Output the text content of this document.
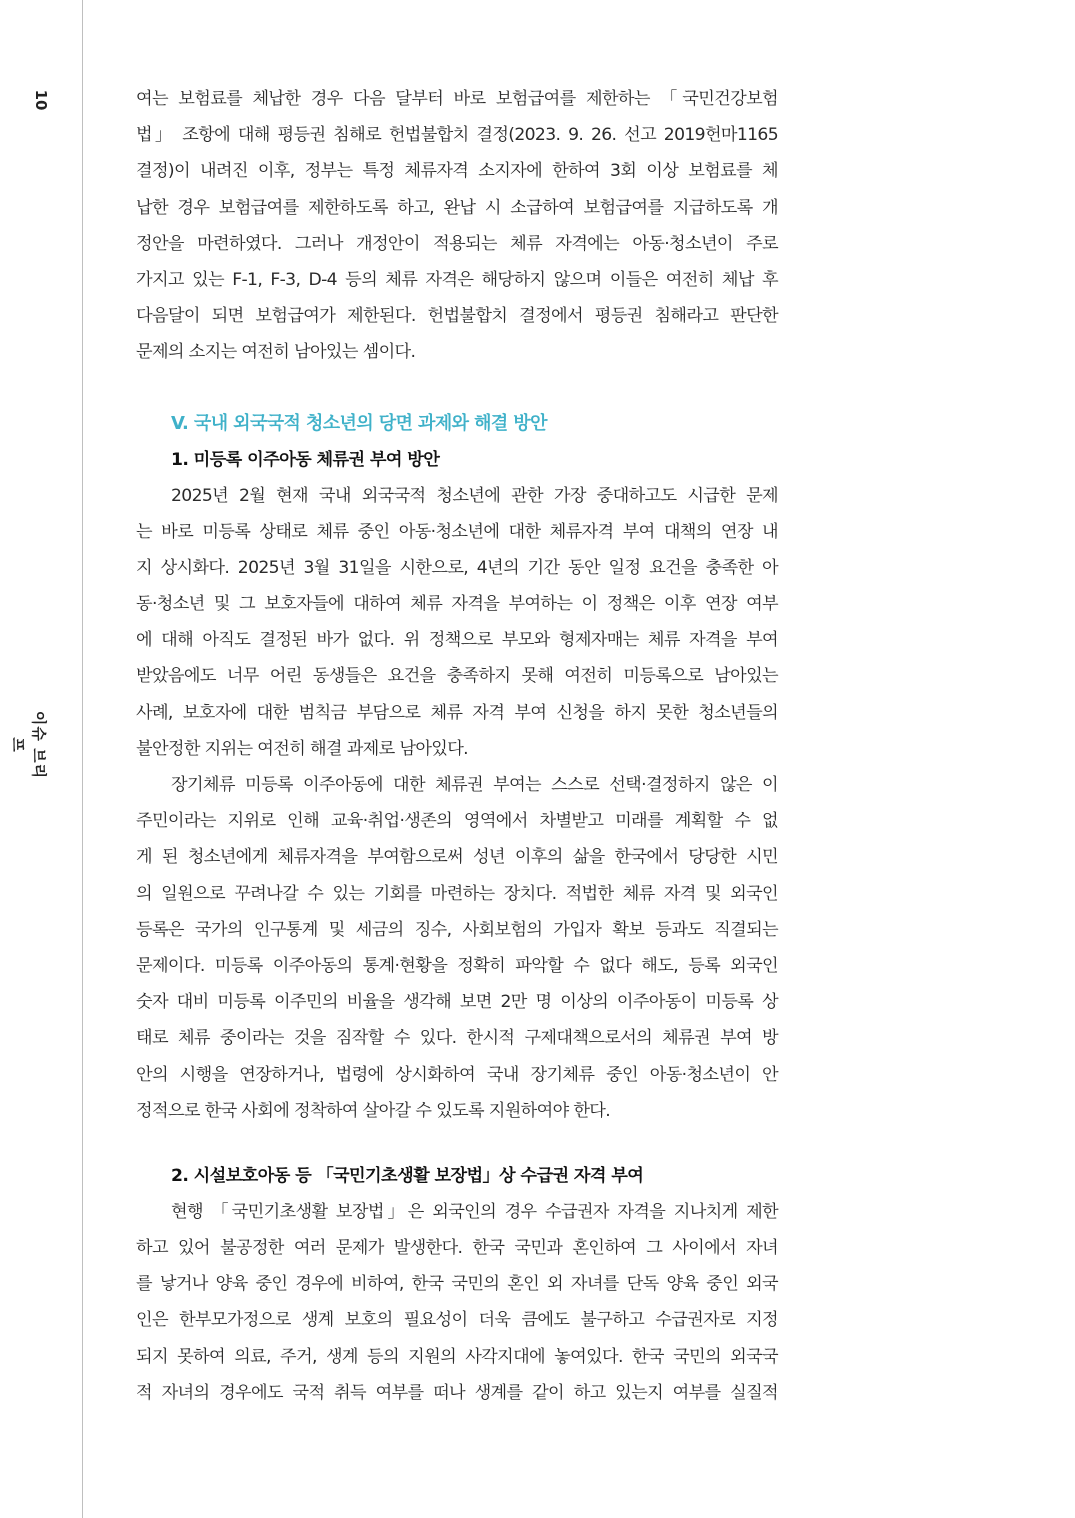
10
이슈 브리프

여는 보험료를 체납한 경우 다음 달부터 바로 보험급여를 제한하는 「국민건강보험
법」 조항에 대해 평등권 침해로 헌법불합치 결정(2023. 9. 26. 선고 2019헌마1165
결정)이 내려진 이후, 정부는 특정 체류자격 소지자에 한하여 3회 이상 보험료를 체
납한 경우 보험급여를 제한하도록 하고, 완납 시 소급하여 보험급여를 지급하도록 개
정안을 마련하였다. 그러나 개정안이 적용되는 체류 자격에는 아동·청소년이 주로
가지고 있는 F-1, F-3, D-4 등의 체류 자격은 해당하지 않으며 이들은 여전히 체납 후
다음달이 되면 보험급여가 제한된다. 헌법불합치 결정에서 평등권 침해라고 판단한
문제의 소지는 여전히 남아있는 셈이다.

V. 국내 외국국적 청소년의 당면 과제와 해결 방안
1. 미등록 이주아동 체류권 부여 방안

2025년 2월 현재 국내 외국국적 청소년에 관한 가장 중대하고도 시급한 문제
는 바로 미등록 상태로 체류 중인 아동·청소년에 대한 체류자격 부여 대책의 연장 내
지 상시화다. 2025년 3월 31일을 시한으로, 4년의 기간 동안 일정 요건을 충족한 아
동·청소년 및 그 보호자들에 대하여 체류 자격을 부여하는 이 정책은 이후 연장 여부
에 대해 아직도 결정된 바가 없다. 위 정책으로 부모와 형제자매는 체류 자격을 부여
받았음에도 너무 어린 동생들은 요건을 충족하지 못해 여전히 미등록으로 남아있는
사례, 보호자에 대한 범칙금 부담으로 체류 자격 부여 신청을 하지 못한 청소년들의
불안정한 지위는 여전히 해결 과제로 남아있다.

장기체류 미등록 이주아동에 대한 체류권 부여는 스스로 선택·결정하지 않은 이
주민이라는 지위로 인해 교육·취업·생존의 영역에서 차별받고 미래를 계획할 수 없
게 된 청소년에게 체류자격을 부여함으로써 성년 이후의 삶을 한국에서 당당한 시민
의 일원으로 꾸려나갈 수 있는 기회를 마련하는 장치다. 적법한 체류 자격 및 외국인
등록은 국가의 인구통계 및 세금의 징수, 사회보험의 가입자 확보 등과도 직결되는
문제이다. 미등록 이주아동의 통계·현황을 정확히 파악할 수 없다 해도, 등록 외국인
숫자 대비 미등록 이주민의 비율을 생각해 보면 2만 명 이상의 이주아동이 미등록 상
태로 체류 중이라는 것을 짐작할 수 있다. 한시적 구제대책으로서의 체류권 부여 방
안의 시행을 연장하거나, 법령에 상시화하여 국내 장기체류 중인 아동·청소년이 안
정적으로 한국 사회에 정착하여 살아갈 수 있도록 지원하여야 한다.

2. 시설보호아동 등 「국민기초생활 보장법」상 수급권 자격 부여

현행 「국민기초생활 보장법」은 외국인의 경우 수급권자 자격을 지나치게 제한
하고 있어 불공정한 여러 문제가 발생한다. 한국 국민과 혼인하여 그 사이에서 자녀
를 낳거나 양육 중인 경우에 비하여, 한국 국민의 혼인 외 자녀를 단독 양육 중인 외국
인은 한부모가정으로 생계 보호의 필요성이 더욱 큼에도 불구하고 수급권자로 지정
되지 못하여 의료, 주거, 생계 등의 지원의 사각지대에 놓여있다. 한국 국민의 외국국
적 자녀의 경우에도 국적 취득 여부를 떠나 생계를 같이 하고 있는지 여부를 실질적
